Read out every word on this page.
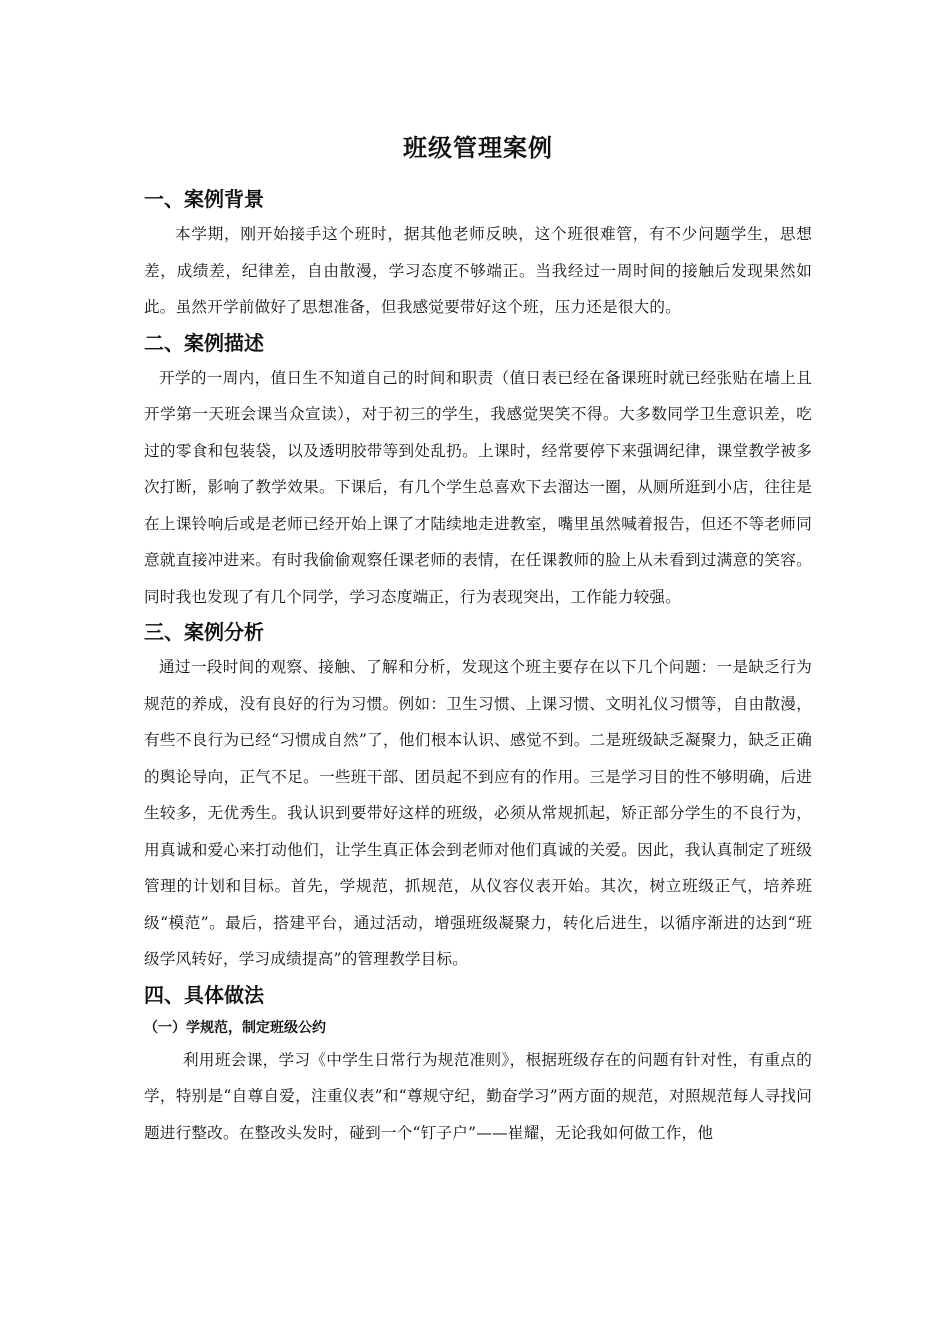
班级管理案例
一、案例背景

本学期，刚开始接手这个班时，据其他老师反映，这个班很难管，有不少问题学生，思想差，成绩差，纪律差，自由散漫，学习态度不够端正。当我经过一周时间的接触后发现果然如此。虽然开学前做好了思想准备，但我感觉要带好这个班，压力还是很大的。

二、案例描述

开学的一周内，值日生不知道自己的时间和职责（值日表已经在备课班时就已经张贴在墙上且开学第一天班会课当众宣读），对于初三的学生，我感觉哭笑不得。大多数同学卫生意识差，吃过的零食和包装袋，以及透明胶带等到处乱扔。上课时，经常要停下来强调纪律，课堂教学被多次打断，影响了教学效果。下课后，有几个学生总喜欢下去溜达一圈，从厕所逛到小店，往往是在上课铃响后或是老师已经开始上课了才陆续地走进教室，嘴里虽然喊着报告，但还不等老师同意就直接冲进来。有时我偷偷观察任课老师的表情，在任课教师的脸上从未看到过满意的笑容。同时我也发现了有几个同学，学习态度端正，行为表现突出，工作能力较强。

三、案例分析

通过一段时间的观察、接触、了解和分析，发现这个班主要存在以下几个问题：一是缺乏行为规范的养成，没有良好的行为习惯。例如：卫生习惯、上课习惯、文明礼仪习惯等，自由散漫，有些不良行为已经“习惯成自然”了，他们根本认识、感觉不到。二是班级缺乏凝聚力，缺乏正确的舆论导向，正气不足。一些班干部、团员起不到应有的作用。三是学习目的性不够明确，后进生较多，无优秀生。我认识到要带好这样的班级，必须从常规抓起，矫正部分学生的不良行为，用真诚和爱心来打动他们，让学生真正体会到老师对他们真诚的关爱。因此，我认真制定了班级管理的计划和目标。首先，学规范，抓规范，从仪容仪表开始。其次，树立班级正气，培养班级“模范”。最后，搭建平台，通过活动，增强班级凝聚力，转化后进生，以循序渐进的达到“班级学风转好，学习成绩提高”的管理教学目标。

四、具体做法
（一）学规范，制定班级公约

利用班会课，学习《中学生日常行为规范准则》，根据班级存在的问题有针对性，有重点的学，特别是“自尊自爱，注重仪表”和“尊规守纪，勤奋学习”两方面的规范，对照规范每人寻找问题进行整改。在整改头发时，碰到一个“钉子户”——崔耀，无论我如何做工作，他
